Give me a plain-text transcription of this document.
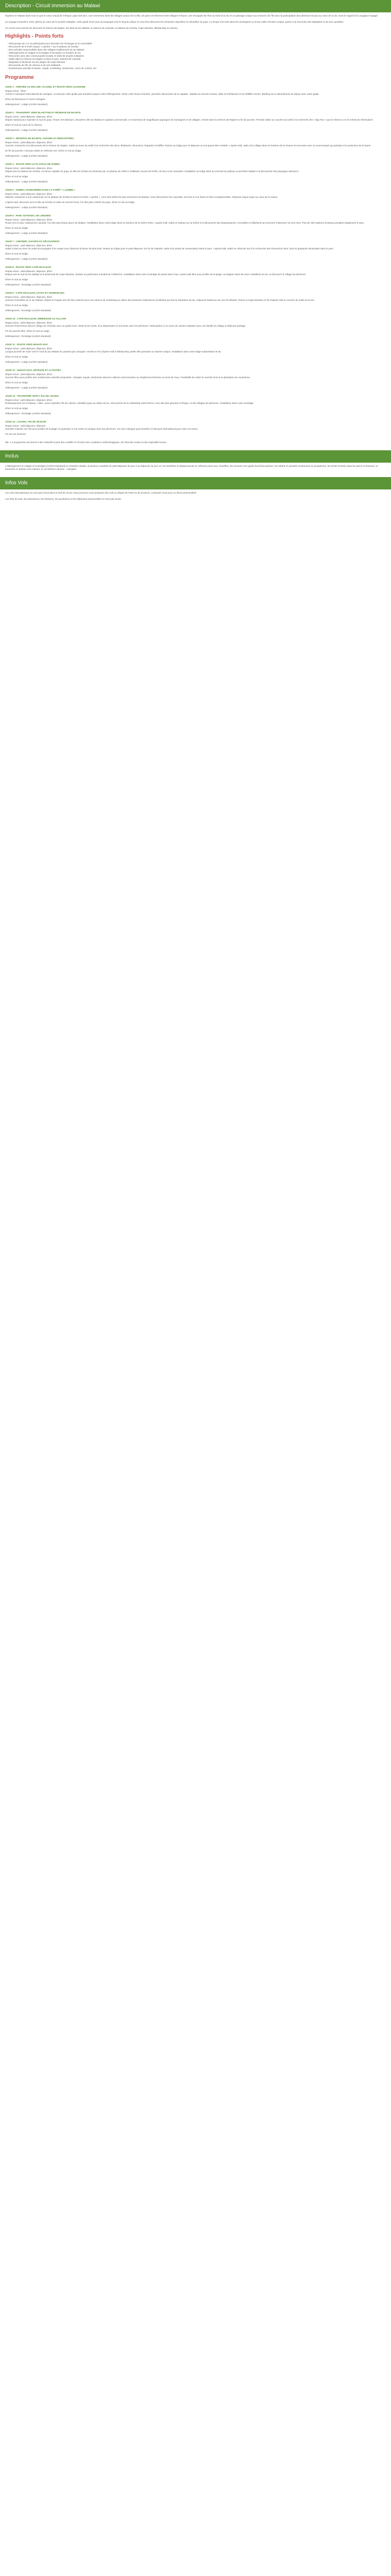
Description - Circuit immersion au Malawi

Explorez le Malawi dans tout ce que le cœur chaud de l’Afrique, pays des lacs. Une immersion dans les villages autour de la ville, de parcs et réserves entre villages et faune, une escapade de rêve au bord d’un lac et un passage unique aux environs de l’île avec la participation des pêcheurs locaux au cœur de la vie, sous le regard d’un voyageur engagé.

Un voyage immersif à votre rythme au cœur de la société malawite, votre guide local vous accompagne tout le long du séjour et vous fera découvrir les richesses naturelles et culturelles du pays. Le temps d’un trek dans les montagnes ou d’une visite d’écoles rurales, partez à la rencontre des Malawites et de leur quotidien.

Ce circuit vous permet de découvrir la réserve de Majete, les sites du lac Malawi, la réserve de Liwonde, le plateau de Zomba, Cape Maclear, Nkhata Bay et Likoma.

Highlights - Points forts
- Petit groupe de 4 à 12 participants pour favoriser les échanges et la convivialité
- Découverte de la forêt unique « Ljumbe » sur le plateau de Zomba
- Des activités responsables dans des villages traditionnels du lac Malawi
- Hébergements en lodges et écolodges d’exception en bordure du lac
- Rencontre avec des communautés locales et visite de projets solidaires
- Safari dans la réserve de Majete et dans le parc national de Liwonde
- Baignade et farniente sur les plages de Cape Maclear
- Découverte de l’île de Likoma et de ses habitants
- Nombreuses activités incluses : kayak, snorkeling, randonnée, cours de cuisine, etc.
Programme
JOUR 1 : ARRIVÉE AU MALAWI, ACCUEIL ET ROUTE VERS LILONGWE

Repas inclus : dîner

Arrivée à l’aéroport international de Lilongwe. Accueil par votre guide puis transfert jusqu’à votre hébergement. Selon votre heure d’arrivée, première découverte de la capitale : balade au marché central, visite du Parliament et du Wildlife Centre. Briefing sur le déroulement du séjour avec votre guide.

Dîner de bienvenue et nuit à Lilongwe.

Hébergement : Lodge (confort standard)

JOUR 2 : TRANSFERT VERS BLANTYRE ET RÉSERVE DE MAJETE

Repas inclus : petit-déjeuner, déjeuner, dîner

Départ matinal pour rejoindre le sud du pays. Route vers Blantyre, deuxième ville du Malawi et capitale commerciale, en traversant de magnifiques paysages de montagnes et de villages. Arrivée dans la réserve de Majete en fin de journée. Premier safari au coucher du soleil à la recherche des « Big Five » que la réserve a eu le mérite de réintroduire.

Dîner et nuit au cœur de la réserve.

Hébergement : Lodge (confort standard)

JOUR 3 : RÉSERVE DE MAJETE, SAFARIS ET RENCONTRES

Repas inclus : petit-déjeuner, déjeuner, dîner

Journée consacrée à la découverte de la réserve de Majete. Safari au lever du soleil à la recherche des lions, éléphants, rhinocéros, léopards et buffles. Retour au lodge pour le déjeuner et une pause bien méritée. L’après-midi, visite d’un village situé en bordure de la réserve et rencontre avec la communauté qui participe à la protection de la faune.

En fin de journée, nouveau safari en véhicule 4x4. Dîner et nuit au lodge.

Hébergement : Lodge (confort standard)

JOUR 4 : ROUTE VERS LE PLATEAU DE ZOMBA

Repas inclus : petit-déjeuner, déjeuner, dîner

Départ pour le plateau de Zomba. Ancienne capitale du pays, la ville de Zomba est dominée par un plateau de 1800 m d’altitude couvert de forêts, de lacs et de cascades. Installation au lodge situé au sommet du plateau et première balade à la découverte des paysages alentours.

Dîner et nuit au lodge.

Hébergement : Lodge (confort standard)

JOUR 5 : ZOMBA, RANDONNÉE DANS LA FORÊT « LJUMBE »

Repas inclus : petit-déjeuner, déjeuner, dîner

Matinée consacrée à une randonnée sur le plateau de Zomba à travers la forêt « Ljumbe », l’une des forêts les plus anciennes du Malawi. Vous découvrirez les cascades, les lacs et une faune et flore exceptionnelles. Déjeuner pique-nique au cœur de la nature.

L’après-midi, descente vers la ville de Zomba et visite du marché local, l’un des plus colorés du pays. Dîner et nuit au lodge.

Hébergement : Lodge (confort standard)

JOUR 6 : PARC NATIONAL DE LIWONDE

Repas inclus : petit-déjeuner, déjeuner, dîner

Route vers le parc national de Liwonde, l’un des plus beaux parcs du Malawi. Installation dans votre lodge situé en bordure de la rivière Shire. L’après-midi, safari en bateau sur la rivière à la découverte des hippopotames, crocodiles et éléphants qui viennent s’abreuver sur ses rives. Plus de 400 espèces d’oiseaux peuplent également le parc.

Dîner et nuit au lodge.

Hébergement : Lodge (confort standard)

JOUR 7 : LIWONDE, SAFARIS ET DÉCOUVERTE

Repas inclus : petit-déjeuner, déjeuner, dîner

Safari à pied au lever du soleil accompagné d’un ranger pour observer la faune de plus près. Retour au lodge pour le petit-déjeuner. En fin de matinée, visite d’un projet de conservation dans le parc. L’après-midi, safari en véhicule 4x4 à la recherche des rhinocéros noirs, lions et guépards réintroduits dans le parc.

Dîner et nuit au lodge.

Hébergement : Lodge (confort standard)

JOUR 8 : ROUTE VERS CAPE MACLEAR

Repas inclus : petit-déjeuner, déjeuner, dîner

Départ vers le sud du lac Malawi et la péninsule de Cape Maclear, classée au patrimoine mondial de l’UNESCO. Installation dans votre écolodge les pieds dans l’eau. Après-midi libre pour profiter de la plage, se baigner dans les eaux cristallines du lac ou découvrir le village de pêcheurs.

Dîner et nuit au lodge.

Hébergement : Écolodge (confort standard)

JOUR 9 : CAPE MACLEAR, KAYAK ET SNORKELING

Repas inclus : petit-déjeuner, déjeuner, dîner

Journée d’activités sur le lac Malawi. Départ en kayak vers les îles voisines pour une séance de snorkeling au milieu des poissons multicolores (cichlidés) qui font la réputation du lac. Déjeuner barbecue sur une île déserte. Retour à Cape Maclear en fin d’après-midi et coucher de soleil sur le lac.

Dîner et nuit au lodge.

Hébergement : Écolodge (confort standard)

JOUR 10 : CAPE MACLEAR, IMMERSION AU VILLAGE

Repas inclus : petit-déjeuner, déjeuner, dîner

Journée d’immersion dans le village de Chembe avec un guide local. Visite d’une école, d’un dispensaire et rencontre avec les pêcheurs. Participation à un cours de cuisine malawite avec une famille du village et déjeuner partagé.

Fin de journée libre. Dîner et nuit au lodge.

Hébergement : Écolodge (confort standard)

JOUR 11 : ROUTE VERS NKHATA BAY

Repas inclus : petit-déjeuner, déjeuner, dîner

Longue journée de route vers le nord du lac Malawi en passant par Lilongwe. Arrivée en fin d’après-midi à Nkhata Bay, petite ville portuaire au charme unique. Installation dans votre lodge surplombant le lac.

Dîner et nuit au lodge.

Hébergement : Lodge (confort standard)

JOUR 12 : NKHATA BAY, DÉTENTE ET ACTIVITÉS

Repas inclus : petit-déjeuner, déjeuner, dîner

Journée libre pour profiter des nombreuses activités proposées : plongée, kayak, randonnée dans les collines environnantes ou simplement farniente au bord de l’eau. Possibilité de visiter le marché local et la plantation de caoutchouc.

Dîner et nuit au lodge.

Hébergement : Lodge (confort standard)

JOUR 13 : TRAVERSÉE VERS L’ÎLE DE LIKOMA

Repas inclus : petit-déjeuner, déjeuner, dîner

Embarquement sur le bateau « Ilala » pour rejoindre l’île de Likoma, véritable joyau au milieu du lac. Découverte de la cathédrale Saint-Pierre, l’une des plus grandes d’Afrique, et des villages de pêcheurs. Installation dans votre écolodge.

Dîner et nuit au lodge.

Hébergement : Écolodge (confort standard)

JOUR 14 : LIKOMA, FIN DE SÉJOUR

Repas inclus : petit-déjeuner, déjeuner

Dernière matinée sur l’île pour profiter de la plage ou participer à une sortie en pirogue avec les pêcheurs. Vol vers Lilongwe puis transfert à l’aéroport international pour votre vol retour.

Fin de nos services.

NB : Le programme est donné à titre indicatif et peut être modifié en fonction des conditions météorologiques, de l’état des routes et des impératifs locaux.

Inclus

L’hébergement en lodges et écolodges (confort standard) en chambre double, la pension complète du petit-déjeuner du jour 2 au déjeuner du jour 14, les transferts et déplacements en véhicule privé avec chauffeur, les services d’un guide local francophone, les safaris et activités mentionnés au programme, les droits d’entrée dans les parcs et réserves, la traversée en bateau vers Likoma, le vol intérieur Likoma – Lilongwe.

Infos Vols

Les vols internationaux ne sont pas inclus dans le tarif du circuit. Nous pouvons vous proposer des vols au départ de Paris ou de province, contactez-nous pour un devis personnalisé.

Les frais de visa, les assurances, les boissons, les pourboires et les dépenses personnelles ne sont pas inclus.
